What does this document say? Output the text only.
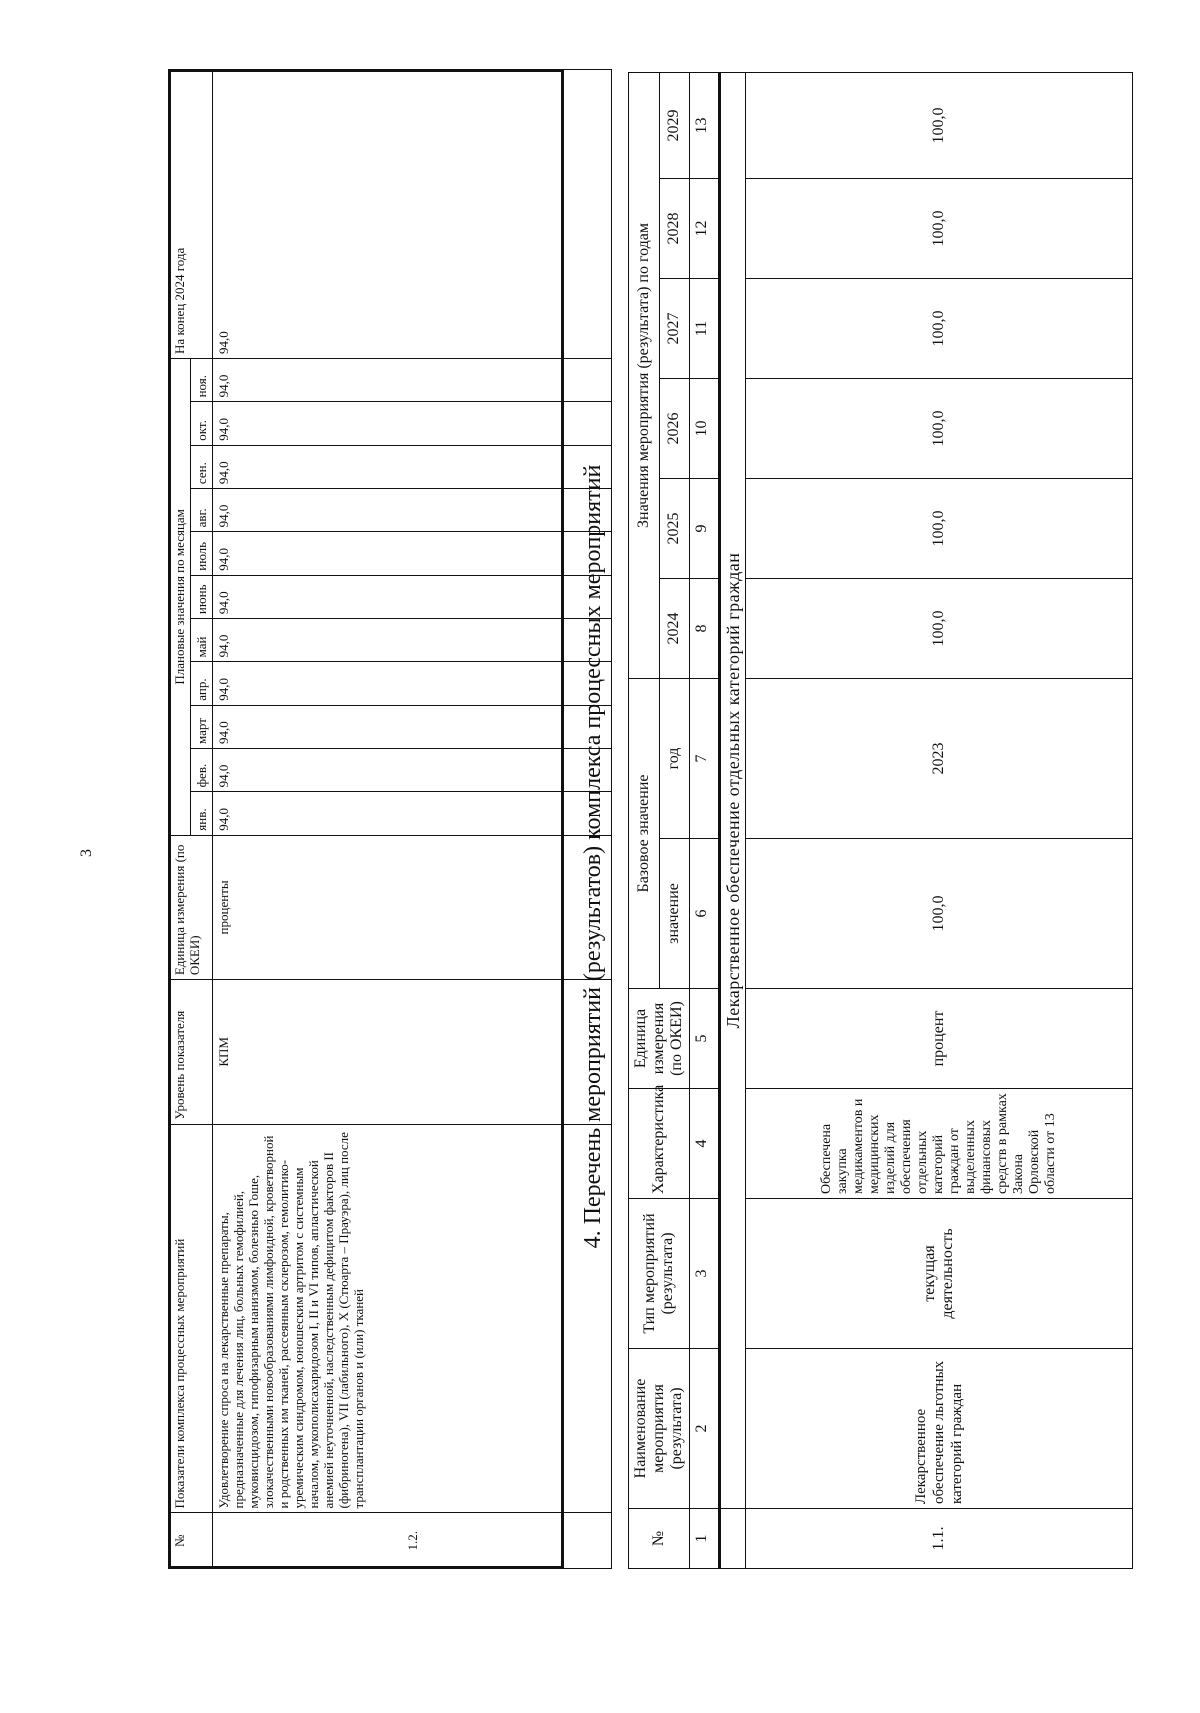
3
№	Показатели комплекса процессных мероприятий	Уровень показателя	Единица измерения (по ОКЕИ)	Плановые значения по месяцам											На конец 2024 года
				янв.	фев.	март	апр.	май	июнь	июль	авг.	сен.	окт.	ноя.	
1.2.	Удовлетворение спроса на лекарственные препараты, предназначенные для лечения лиц, больных гемофилией, муковисцидозом, гипофизарным нанизмом, болезнью Гоше, злокачественными новообразованиями лимфоидной, кроветворной и родственных им тканей, рассеянным склерозом, гемолитико-уремическим синдромом, юношеским артритом с системным началом, мукополисахаридозом I, II и VI типов, апластической анемией неуточненной, наследственным дефицитом факторов II (фибриногена), VII (лабильного), X (Стюарта – Прауэра), лиц после трансплантации органов и (или) тканей	КПМ	проценты	94,0	94,0	94,0	94,0	94,0	94,0	94,0	94,0	94,0	94,0	94,0	94,0
4. Перечень мероприятий (результатов) комплекса процессных мероприятий
№	Наименование мероприятия (результата)	Тип мероприятий (результата)	Характеристика	Единица измерения (по ОКЕИ)	Базовое значение		Значения мероприятия (результата) по годам					
					значение	год	2024	2025	2026	2027	2028	2029
1	2	3	4	5	6	7	8	9	10	11	12	13
	Лекарственное обеспечение отдельных категорий граждан											
1.1.	Лекарственное обеспечение льготных категорий граждан	текущая деятельность	Обеспечена закупка медикаментов и медицинских изделий для обеспечения отдельных категорий граждан от выделенных финансовых средств в рамках Закона Орловской области от 13	процент	100,0	2023	100,0	100,0	100,0	100,0	100,0	100,0
